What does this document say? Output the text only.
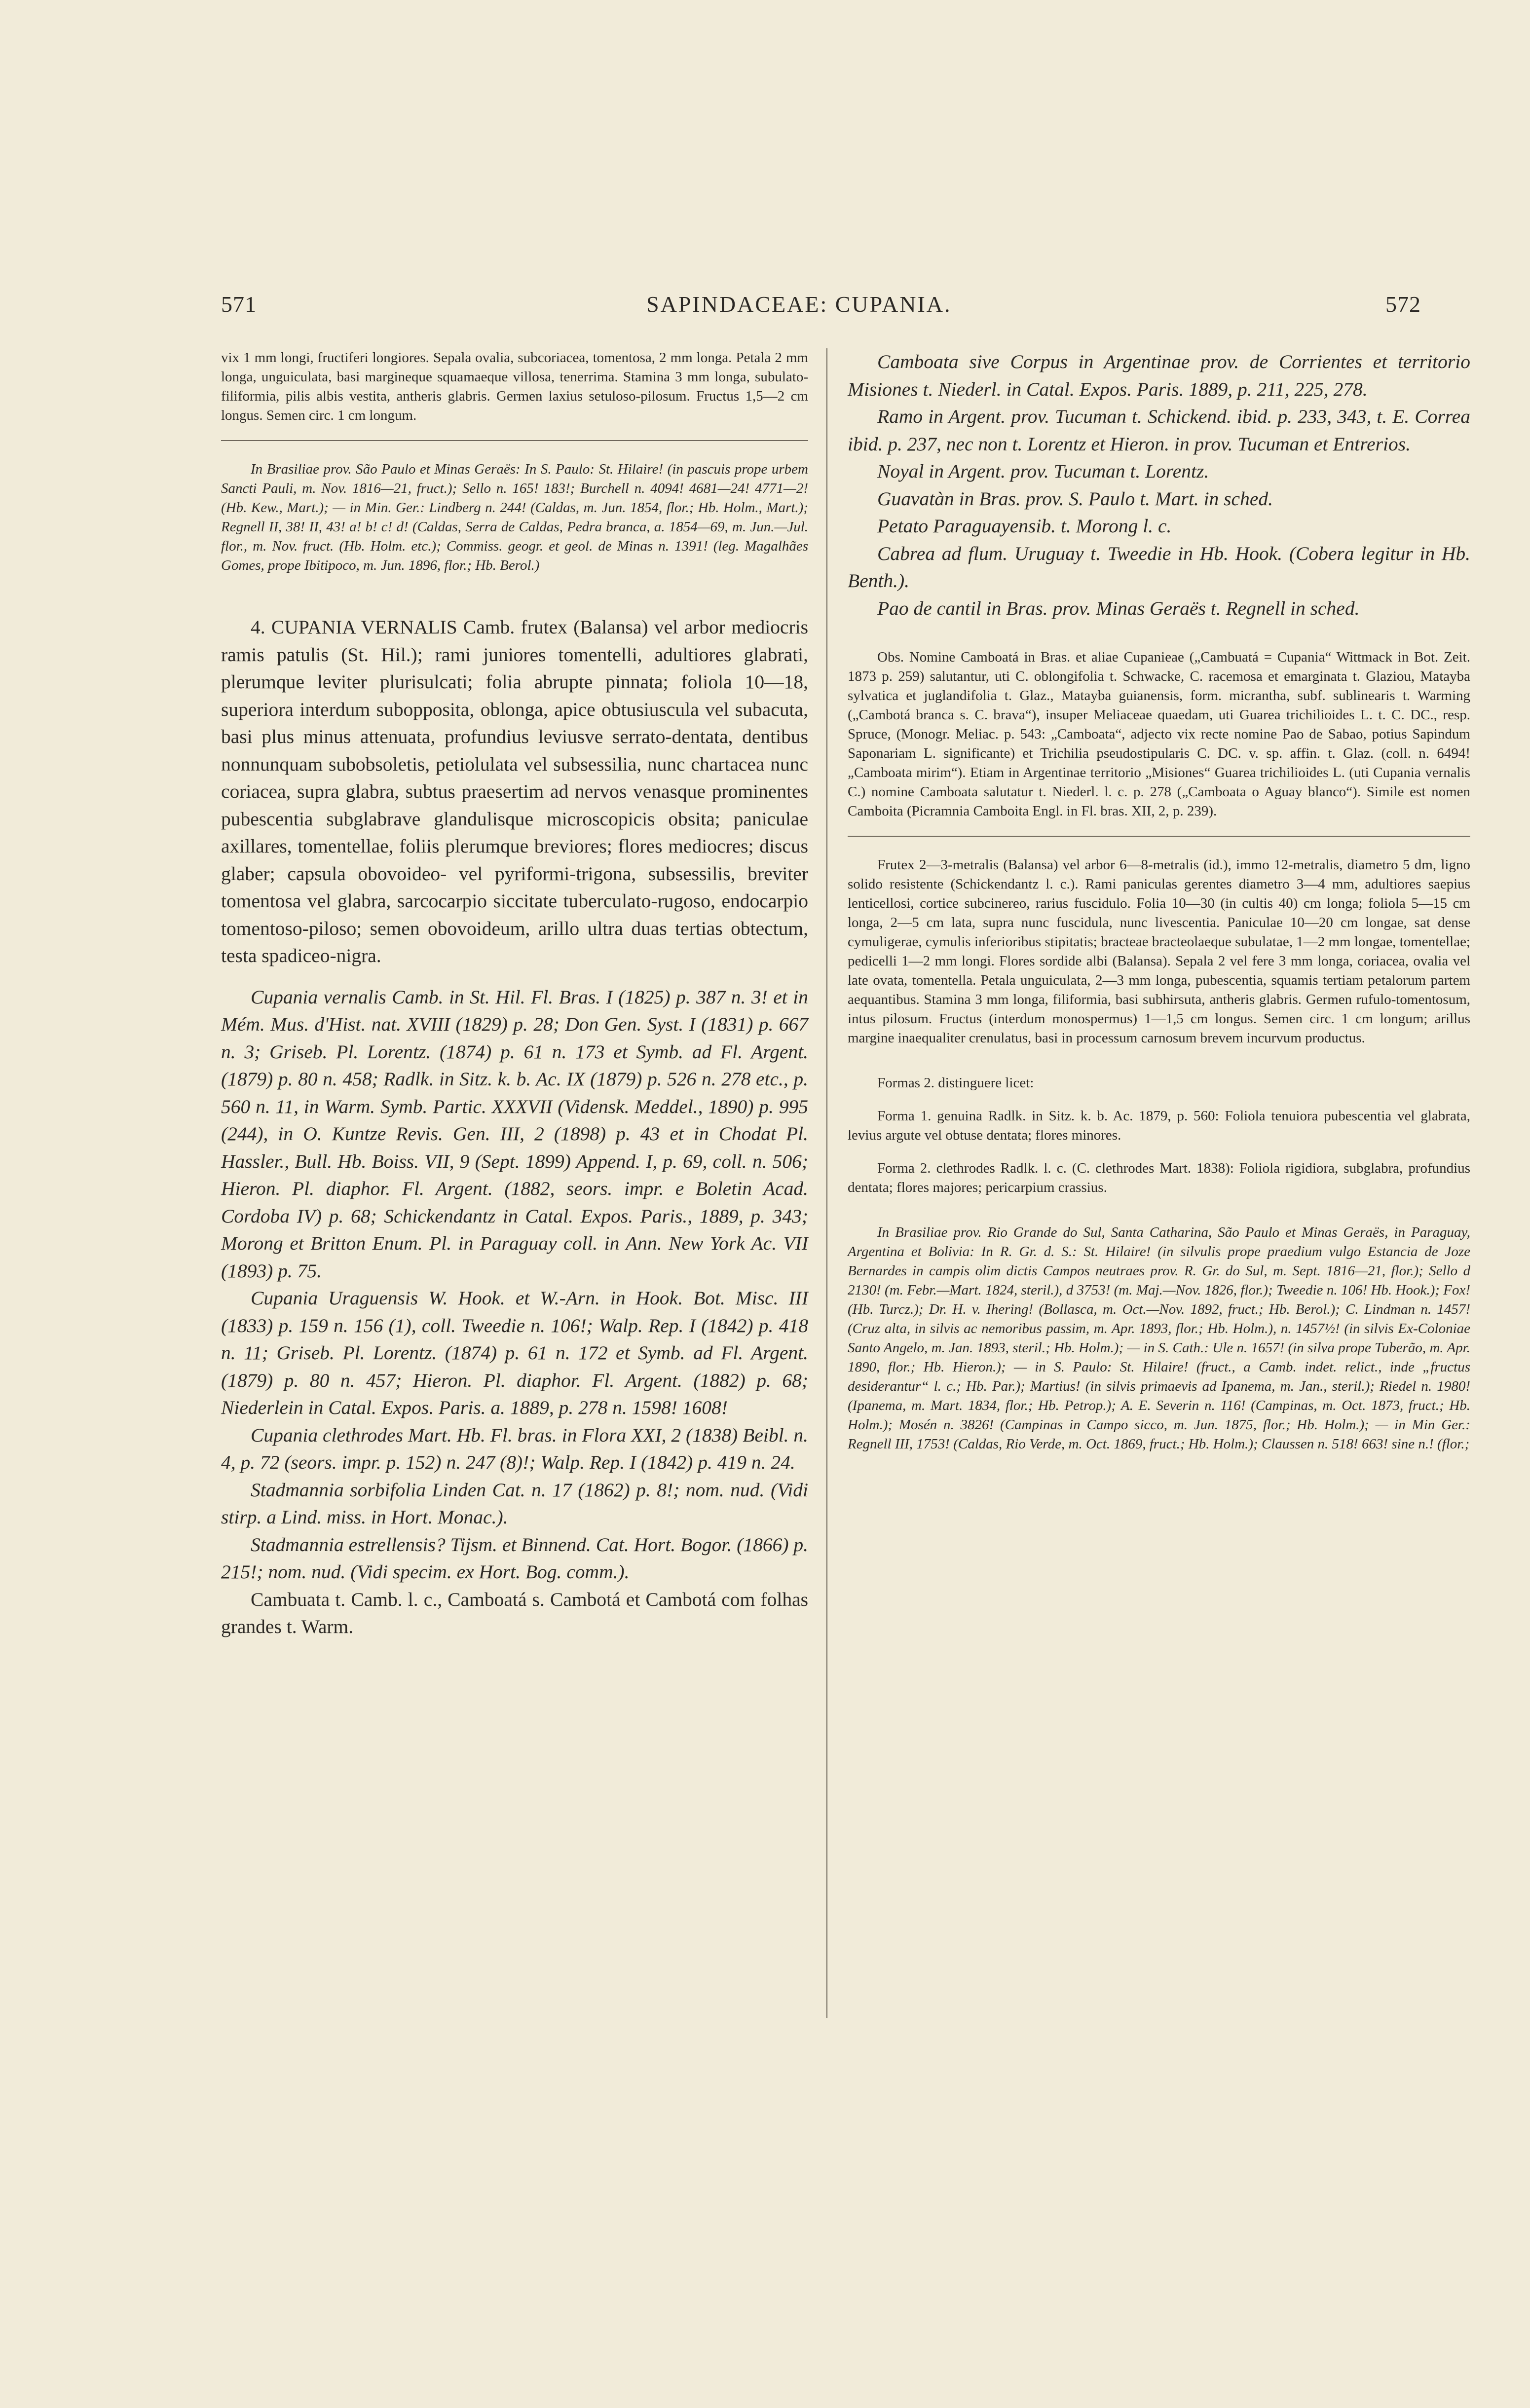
571	SAPINDACEAE: CUPANIA.	572

vix 1 mm longi, fructiferi longiores. Sepala ovalia, subcoriacea, tomentosa, 2 mm longa. Petala 2 mm longa, unguiculata, basi margineque squamaeque villosa, tenerrima. Stamina 3 mm longa, subulato-filiformia, pilis albis vestita, antheris glabris. Germen laxius setuloso-pilosum. Fructus 1,5—2 cm longus. Semen circ. 1 cm longum.

In Brasiliae prov. São Paulo et Minas Geraës: In S. Paulo: St. Hilaire! (in pascuis prope urbem Sancti Pauli, m. Nov. 1816—21, fruct.); Sello n. 165! 183!; Burchell n. 4094! 4681—24! 4771—2! (Hb. Kew., Mart.); — in Min. Ger.: Lindberg n. 244! (Caldas, m. Jun. 1854, flor.; Hb. Holm., Mart.); Regnell II, 38! II, 43! a! b! c! d! (Caldas, Serra de Caldas, Pedra branca, a. 1854—69, m. Jun.—Jul. flor., m. Nov. fruct. (Hb. Holm. etc.); Commiss. geogr. et geol. de Minas n. 1391! (leg. Magalhães Gomes, prope Ibitipoco, m. Jun. 1896, flor.; Hb. Berol.)

4. CUPANIA VERNALIS Camb. frutex (Balansa) vel arbor mediocris ramis patulis (St. Hil.); rami juniores tomentelli, adultiores glabrati, plerumque leviter plurisulcati; folia abrupte pinnata; foliola 10—18, superiora interdum subopposita, oblonga, apice obtusiuscula vel subacuta, basi plus minus attenuata, profundius leviusve serrato-dentata, dentibus nonnunquam subobsoletis, petiolulata vel subsessilia, nunc chartacea nunc coriacea, supra glabra, subtus praesertim ad nervos venasque prominentes pubescentia subglabrave glandulisque microscopicis obsita; paniculae axillares, tomentellae, foliis plerumque breviores; flores mediocres; discus glaber; capsula obovoideo- vel pyriformi-trigona, subsessilis, breviter tomentosa vel glabra, sarcocarpio siccitate tuberculato-rugoso, endocarpio tomentoso-piloso; semen obovoideum, arillo ultra duas tertias obtectum, testa spadiceo-nigra.

Cupania vernalis Camb. in St. Hil. Fl. Bras. I (1825) p. 387 n. 3! et in Mém. Mus. d'Hist. nat. XVIII (1829) p. 28; Don Gen. Syst. I (1831) p. 667 n. 3; Griseb. Pl. Lorentz. (1874) p. 61 n. 173 et Symb. ad Fl. Argent. (1879) p. 80 n. 458; Radlk. in Sitz. k. b. Ac. IX (1879) p. 526 n. 278 etc., p. 560 n. 11, in Warm. Symb. Partic. XXXVII (Vidensk. Meddel., 1890) p. 995 (244), in O. Kuntze Revis. Gen. III, 2 (1898) p. 43 et in Chodat Pl. Hassler., Bull. Hb. Boiss. VII, 9 (Sept. 1899) Append. I, p. 69, coll. n. 506; Hieron. Pl. diaphor. Fl. Argent. (1882, seors. impr. e Boletin Acad. Cordoba IV) p. 68; Schickendantz in Catal. Expos. Paris., 1889, p. 343; Morong et Britton Enum. Pl. in Paraguay coll. in Ann. New York Ac. VII (1893) p. 75.

Cupania Uraguensis W. Hook. et W.-Arn. in Hook. Bot. Misc. III (1833) p. 159 n. 156 (1), coll. Tweedie n. 106!; Walp. Rep. I (1842) p. 418 n. 11; Griseb. Pl. Lorentz. (1874) p. 61 n. 172 et Symb. ad Fl. Argent. (1879) p. 80 n. 457; Hieron. Pl. diaphor. Fl. Argent. (1882) p. 68; Niederlein in Catal. Expos. Paris. a. 1889, p. 278 n. 1598! 1608!

Cupania clethrodes Mart. Hb. Fl. bras. in Flora XXI, 2 (1838) Beibl. n. 4, p. 72 (seors. impr. p. 152) n. 247 (8)!; Walp. Rep. I (1842) p. 419 n. 24.

Stadmannia sorbifolia Linden Cat. n. 17 (1862) p. 8!; nom. nud. (Vidi stirp. a Lind. miss. in Hort. Monac.).

Stadmannia estrellensis? Tijsm. et Binnend. Cat. Hort. Bogor. (1866) p. 215!; nom. nud. (Vidi specim. ex Hort. Bog. comm.).

Cambuata t. Camb. l. c., Camboatá s. Cambotá et Cambotá com folhas grandes t. Warm.

Camboata sive Corpus in Argentinae prov. de Corrientes et territorio Misiones t. Niederl. in Catal. Expos. Paris. 1889, p. 211, 225, 278.

Ramo in Argent. prov. Tucuman t. Schickend. ibid. p. 233, 343, t. E. Correa ibid. p. 237, nec non t. Lorentz et Hieron. in prov. Tucuman et Entrerios.

Noyal in Argent. prov. Tucuman t. Lorentz.

Guavatàn in Bras. prov. S. Paulo t. Mart. in sched.

Petato Paraguayensib. t. Morong l. c.

Cabrea ad flum. Uruguay t. Tweedie in Hb. Hook. (Cobera legitur in Hb. Benth.).

Pao de cantil in Bras. prov. Minas Geraës t. Regnell in sched.

Obs. Nomine Camboatá in Bras. et aliae Cupanieae („Cambuatá = Cupania“ Wittmack in Bot. Zeit. 1873 p. 259) salutantur, uti C. oblongifolia t. Schwacke, C. racemosa et emarginata t. Glaziou, Matayba sylvatica et juglandifolia t. Glaz., Matayba guianensis, form. micrantha, subf. sublinearis t. Warming („Cambotá branca s. C. brava“), insuper Meliaceae quaedam, uti Guarea trichilioides L. t. C. DC., resp. Spruce, (Monogr. Meliac. p. 543: „Camboata“, adjecto vix recte nomine Pao de Sabao, potius Sapindum Saponariam L. significante) et Trichilia pseudostipularis C. DC. v. sp. affin. t. Glaz. (coll. n. 6494! „Camboata mirim“). Etiam in Argentinae territorio „Misiones“ Guarea trichilioides L. (uti Cupania vernalis C.) nomine Camboata salutatur t. Niederl. l. c. p. 278 („Camboata o Aguay blanco“). Simile est nomen Camboita (Picramnia Camboita Engl. in Fl. bras. XII, 2, p. 239).

Frutex 2—3-metralis (Balansa) vel arbor 6—8-metralis (id.), immo 12-metralis, diametro 5 dm, ligno solido resistente (Schickendantz l. c.). Rami paniculas gerentes diametro 3—4 mm, adultiores saepius lenticellosi, cortice subcinereo, rarius fuscidulo. Folia 10—30 (in cultis 40) cm longa; foliola 5—15 cm longa, 2—5 cm lata, supra nunc fuscidula, nunc livescentia. Paniculae 10—20 cm longae, sat dense cymuligerae, cymulis inferioribus stipitatis; bracteae bracteolaeque subulatae, 1—2 mm longae, tomentellae; pedicelli 1—2 mm longi. Flores sordide albi (Balansa). Sepala 2 vel fere 3 mm longa, coriacea, ovalia vel late ovata, tomentella. Petala unguiculata, 2—3 mm longa, pubescentia, squamis tertiam petalorum partem aequantibus. Stamina 3 mm longa, filiformia, basi subhirsuta, antheris glabris. Germen rufulo-tomentosum, intus pilosum. Fructus (interdum monospermus) 1—1,5 cm longus. Semen circ. 1 cm longum; arillus margine inaequaliter crenulatus, basi in processum carnosum brevem incurvum productus.

Formas 2. distinguere licet:

Forma 1. genuina Radlk. in Sitz. k. b. Ac. 1879, p. 560: Foliola tenuiora pubescentia vel glabrata, levius argute vel obtuse dentata; flores minores.

Forma 2. clethrodes Radlk. l. c. (C. clethrodes Mart. 1838): Foliola rigidiora, subglabra, profundius dentata; flores majores; pericarpium crassius.

In Brasiliae prov. Rio Grande do Sul, Santa Catharina, São Paulo et Minas Geraës, in Paraguay, Argentina et Bolivia: In R. Gr. d. S.: St. Hilaire! (in silvulis prope praedium vulgo Estancia de Joze Bernardes in campis olim dictis Campos neutraes prov. R. Gr. do Sul, m. Sept. 1816—21, flor.); Sello d 2130! (m. Febr.—Mart. 1824, steril.), d 3753! (m. Maj.—Nov. 1826, flor.); Tweedie n. 106! Hb. Hook.); Fox! (Hb. Turcz.); Dr. H. v. Ihering! (Bollasca, m. Oct.—Nov. 1892, fruct.; Hb. Berol.); C. Lindman n. 1457! (Cruz alta, in silvis ac nemoribus passim, m. Apr. 1893, flor.; Hb. Holm.), n. 1457½! (in silvis Ex-Coloniae Santo Angelo, m. Jan. 1893, steril.; Hb. Holm.); — in S. Cath.: Ule n. 1657! (in silva prope Tuberão, m. Apr. 1890, flor.; Hb. Hieron.); — in S. Paulo: St. Hilaire! (fruct., a Camb. indet. relict., inde „fructus desiderantur“ l. c.; Hb. Par.); Martius! (in silvis primaevis ad Ipanema, m. Jan., steril.); Riedel n. 1980! (Ipanema, m. Mart. 1834, flor.; Hb. Petrop.); A. E. Severin n. 116! (Campinas, m. Oct. 1873, fruct.; Hb. Holm.); Mosén n. 3826! (Campinas in Campo sicco, m. Jun. 1875, flor.; Hb. Holm.); — in Min Ger.: Regnell III, 1753! (Caldas, Rio Verde, m. Oct. 1869, fruct.; Hb. Holm.); Claussen n. 518! 663! sine n.! (flor.;
